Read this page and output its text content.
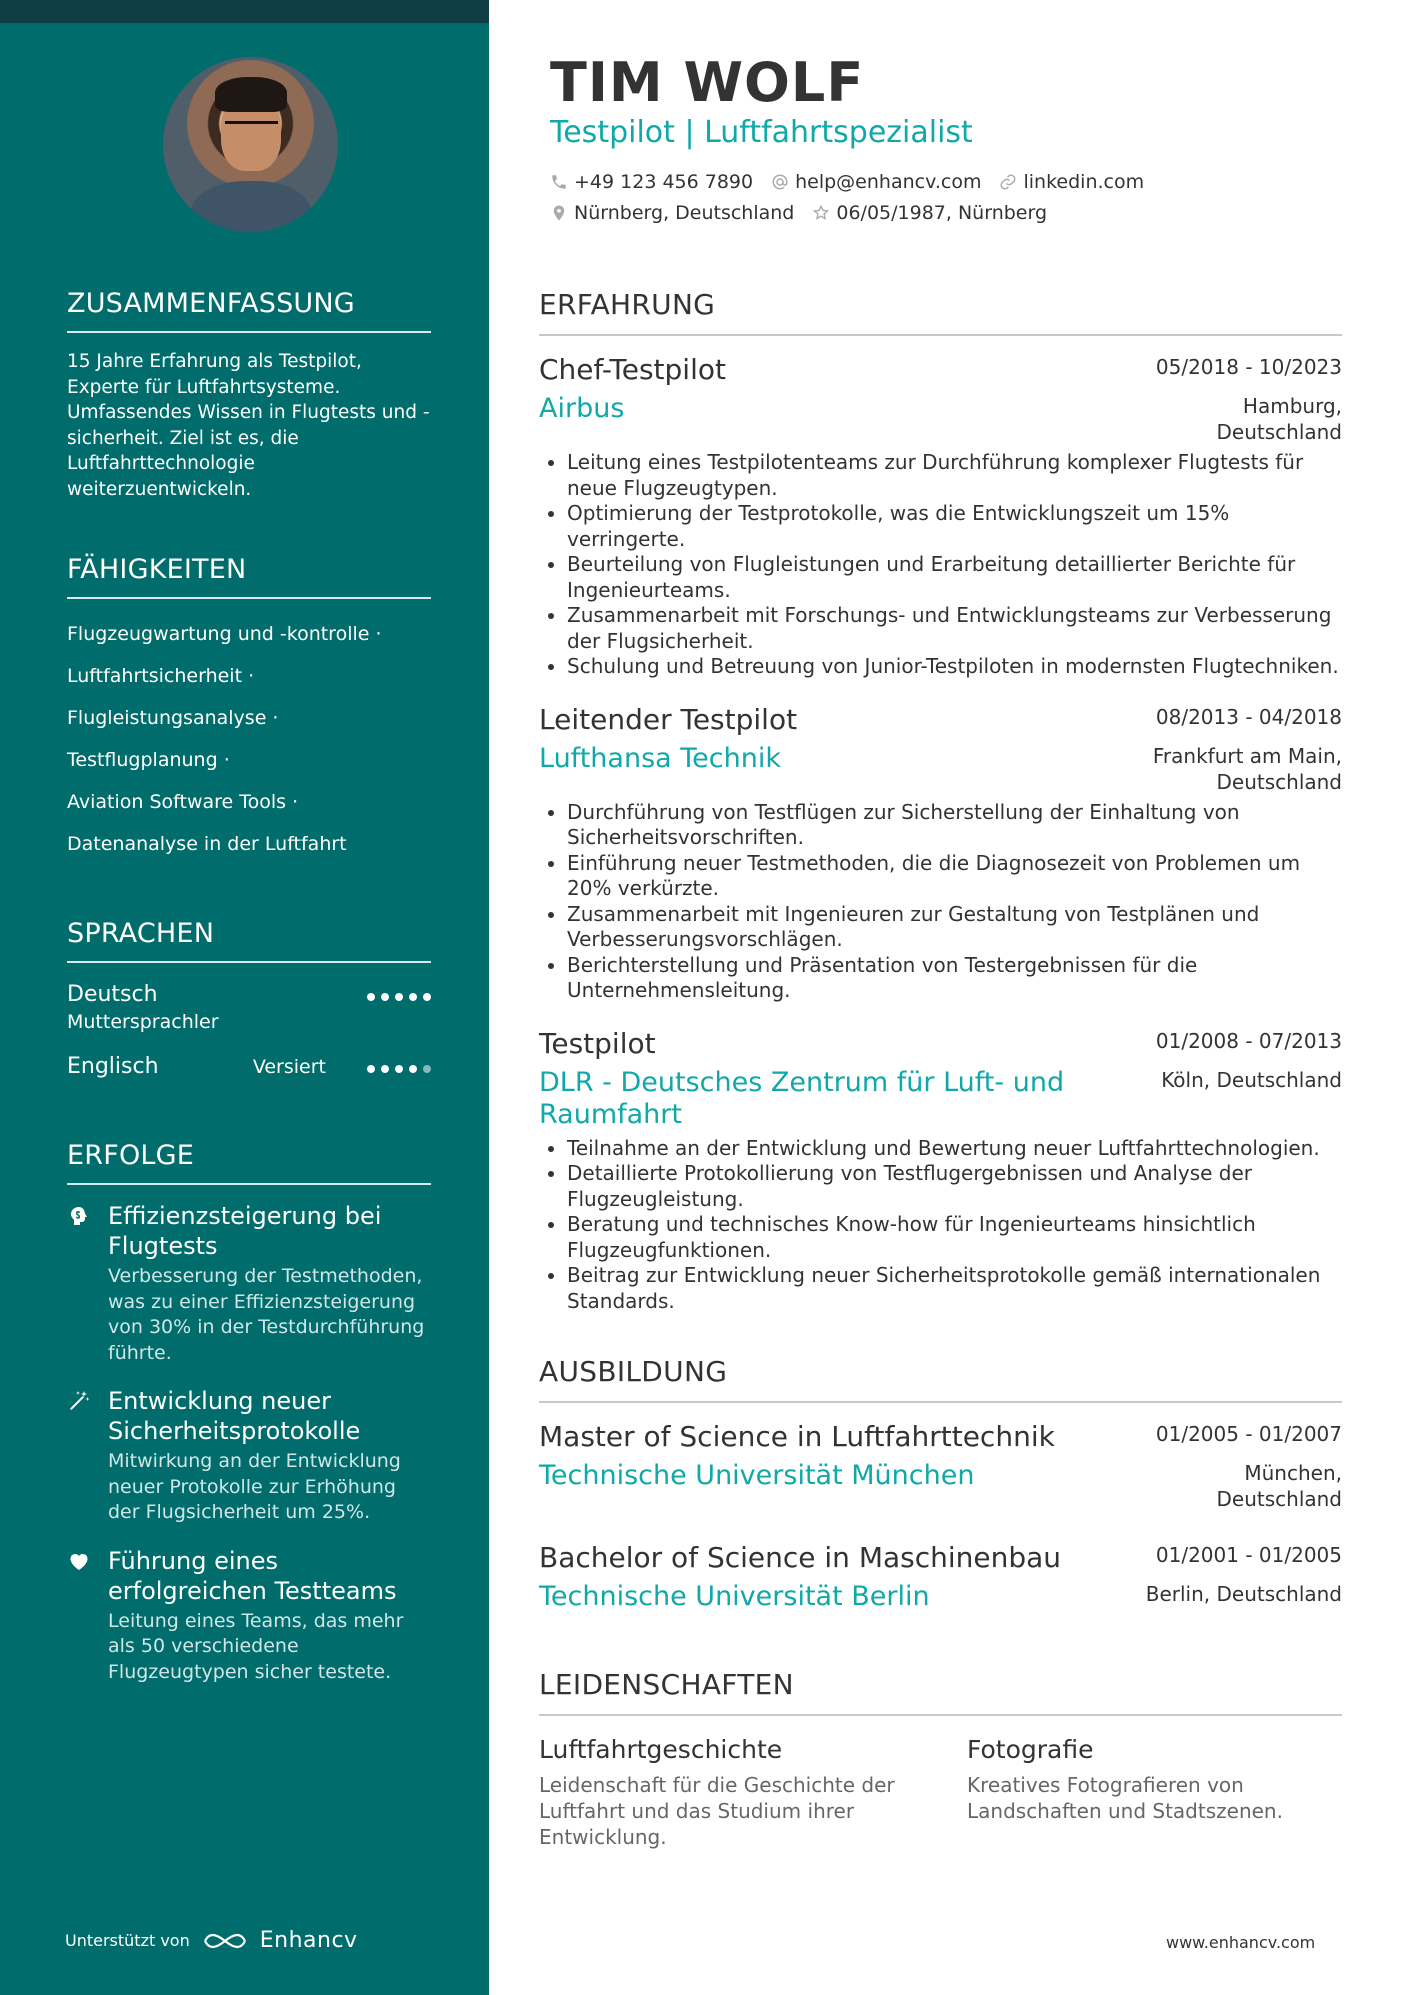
ZUSAMMENFASSUNG
15 Jahre Erfahrung als Testpilot, Experte für Luftfahrtsysteme. Umfassendes Wissen in Flugtests und -sicherheit. Ziel ist es, die Luftfahrttechnologie weiterzuentwickeln.
FÄHIGKEITEN
Flugzeugwartung und -kontrolle ·
Luftfahrtsicherheit ·
Flugleistungsanalyse ·
Testflugplanung ·
Aviation Software Tools ·
Datenanalyse in der Luftfahrt
SPRACHEN
Deutsch
Muttersprachler
Englisch	Versiert
ERFOLGE
Effizienzsteigerung bei Flugtests
Verbesserung der Testmethoden, was zu einer Effizienzsteigerung von 30% in der Testdurchführung führte.
Entwicklung neuer Sicherheitsprotokolle
Mitwirkung an der Entwicklung neuer Protokolle zur Erhöhung der Flugsicherheit um 25%.
Führung eines erfolgreichen Testteams
Leitung eines Teams, das mehr als 50 verschiedene Flugzeugtypen sicher testete.
Unterstützt von	Enhancv
TIM WOLF
Testpilot | Luftfahrtspezialist
+49 123 456 7890 help@enhancv.com linkedin.com
Nürnberg, Deutschland 06/05/1987, Nürnberg
ERFAHRUNG
Chef-Testpilot	05/2018 - 10/2023
Airbus	Hamburg, Deutschland
• Leitung eines Testpilotenteams zur Durchführung komplexer Flugtests für neue Flugzeugtypen.
• Optimierung der Testprotokolle, was die Entwicklungszeit um 15% verringerte.
• Beurteilung von Flugleistungen und Erarbeitung detaillierter Berichte für Ingenieurteams.
• Zusammenarbeit mit Forschungs- und Entwicklungsteams zur Verbesserung der Flugsicherheit.
• Schulung und Betreuung von Junior-Testpiloten in modernsten Flugtechniken.
Leitender Testpilot	08/2013 - 04/2018
Lufthansa Technik	Frankfurt am Main, Deutschland
• Durchführung von Testflügen zur Sicherstellung der Einhaltung von Sicherheitsvorschriften.
• Einführung neuer Testmethoden, die die Diagnosezeit von Problemen um 20% verkürzte.
• Zusammenarbeit mit Ingenieuren zur Gestaltung von Testplänen und Verbesserungsvorschlägen.
• Berichterstellung und Präsentation von Testergebnissen für die Unternehmensleitung.
Testpilot	01/2008 - 07/2013
DLR - Deutsches Zentrum für Luft- und Raumfahrt
Köln, Deutschland
• Teilnahme an der Entwicklung und Bewertung neuer Luftfahrttechnologien.
• Detaillierte Protokollierung von Testflugergebnissen und Analyse der Flugzeugleistung.
• Beratung und technisches Know-how für Ingenieurteams hinsichtlich Flugzeugfunktionen.
• Beitrag zur Entwicklung neuer Sicherheitsprotokolle gemäß internationalen Standards.
AUSBILDUNG
Master of Science in Luftfahrttechnik	01/2005 - 01/2007
Technische Universität München	München, Deutschland
Bachelor of Science in Maschinenbau	01/2001 - 01/2005
Technische Universität Berlin	Berlin, Deutschland
LEIDENSCHAFTEN
Luftfahrtgeschichte
Leidenschaft für die Geschichte der Luftfahrt und das Studium ihrer Entwicklung.
Fotografie
Kreatives Fotografieren von Landschaften und Stadtszenen.
www.enhancv.com
